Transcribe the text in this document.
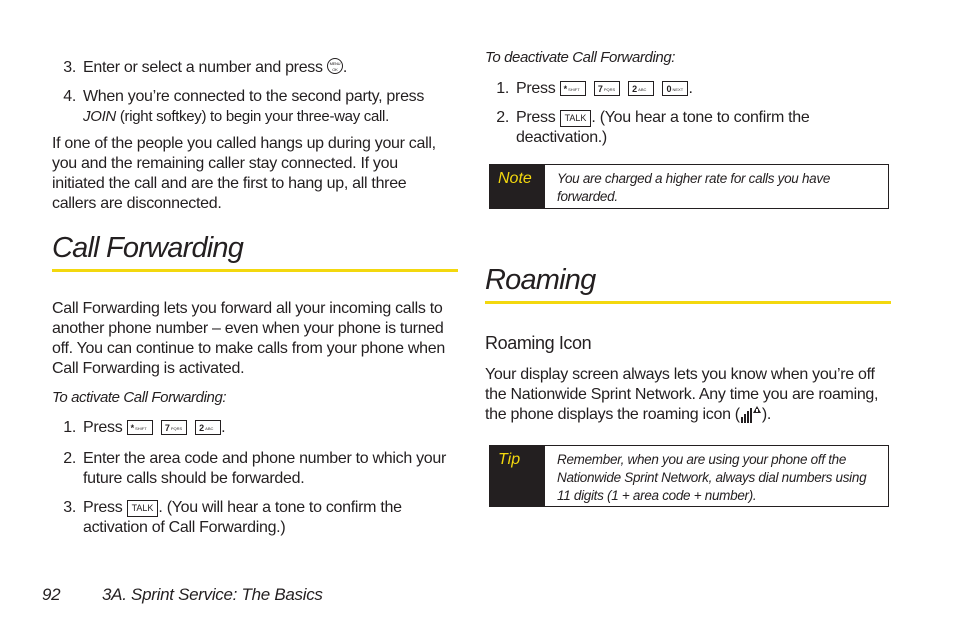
3. Enter or select a number and press MENU OK .
4. When you’re connected to the second party, press
JOIN (right softkey) to begin your three-way call.
If one of the people you called hangs up during your call, you and the remaining caller stay connected. If you initiated the call and are the first to hang up, all three callers are disconnected.
Call Forwarding
Call Forwarding lets you forward all your incoming calls to another phone number – even when your phone is turned off. You can continue to make calls from your phone when Call Forwarding is activated.
To activate Call Forwarding:
1. Press *SHIFT 7PQRS 2ABC .
2. Enter the area code and phone number to which your future calls should be forwarded.
3. Press TALK . (You will hear a tone to confirm the activation of Call Forwarding.)
To deactivate Call Forwarding:
1. Press *SHIFT 7PQRS 2ABC 0NEXT .
2. Press TALK . (You hear a tone to confirm the deactivation.)
Note You are charged a higher rate for calls you have forwarded.
Roaming
Roaming Icon
Your display screen always lets you know when you’re off the Nationwide Sprint Network. Any time you are roaming, the phone displays the roaming icon ( ).
Tip	Remember, when you are using your phone off the Nationwide Sprint Network, always dial numbers using 11 digits (1 + area code + number).
92 3A. Sprint Service: The Basics
